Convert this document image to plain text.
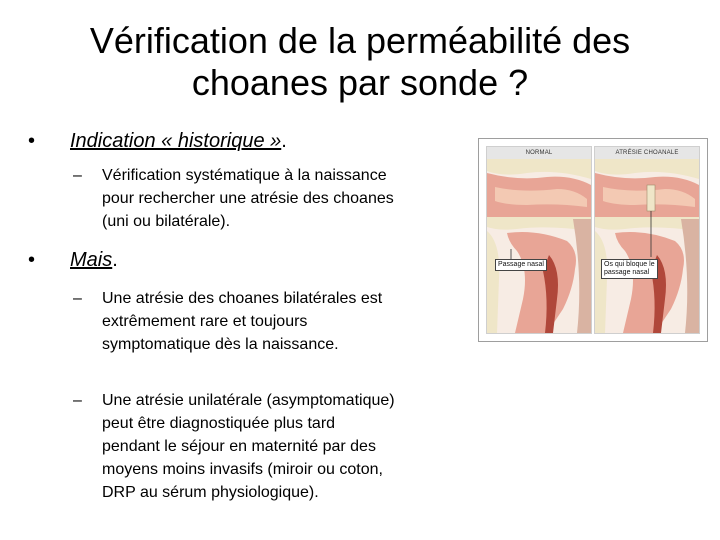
Vérification de la perméabilité des
choanes par sonde ?
• Indication « historique ».
– Vérification systématique à la naissance
pour rechercher une atrésie des choanes
(uni ou bilatérale).
• Mais.
– Une atrésie des choanes bilatérales est
extrêmement rare et toujours
symptomatique dès la naissance.
– Une atrésie unilatérale (asymptomatique)
peut être diagnostiquée plus tard
pendant le séjour en maternité par des
moyens moins invasifs (miroir ou coton,
DRP au sérum physiologique).
NORMAL
Passage nasal
ATRÉSIE CHOANALE
Os qui bloque le
passage nasal
